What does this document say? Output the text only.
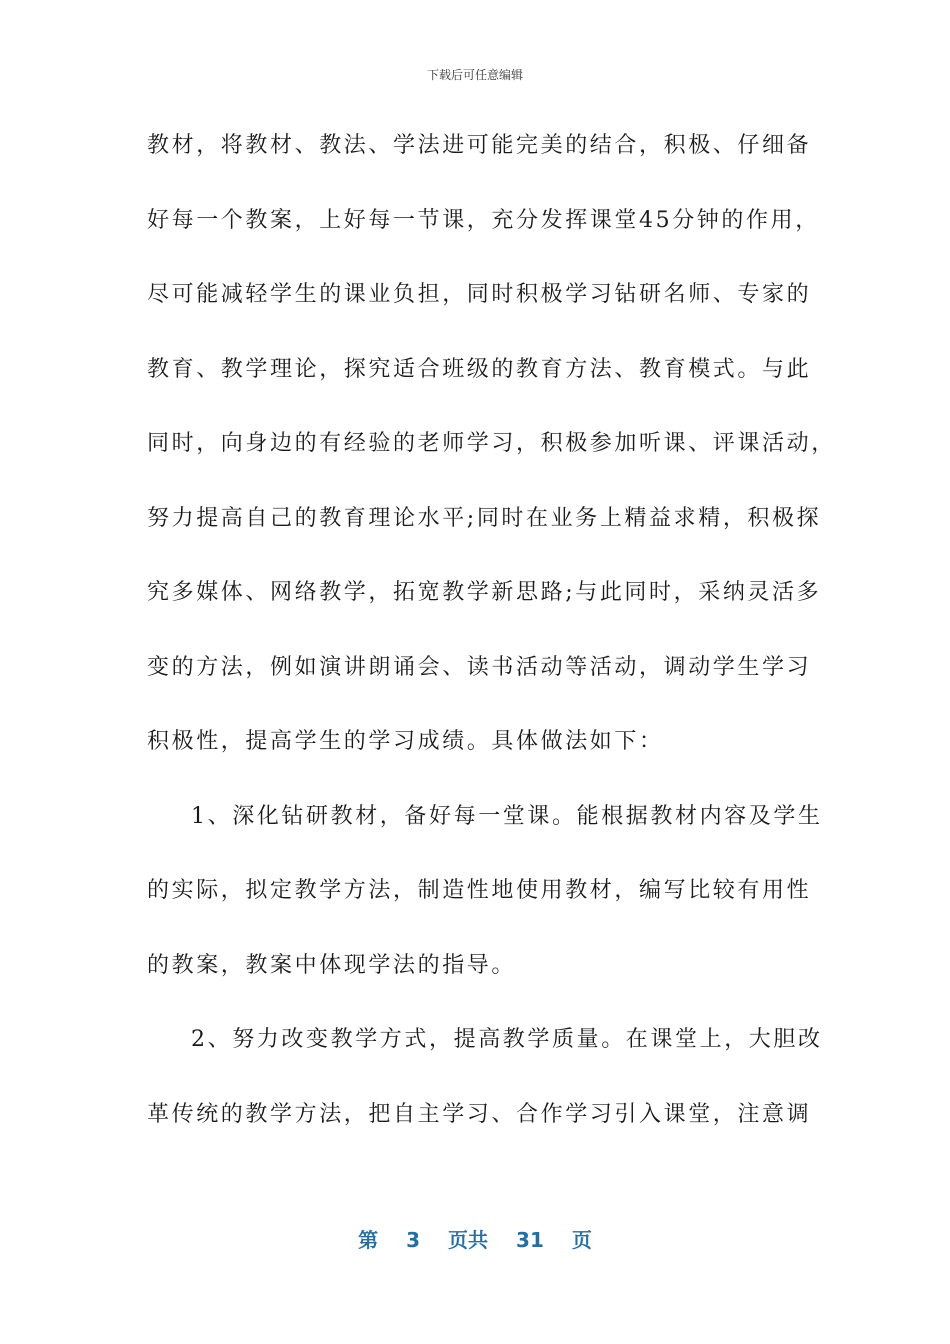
下载后可任意编辑
教材，将教材、教法、学法进可能完美的结合，积极、仔细备
好每一个教案，上好每一节课，充分发挥课堂45分钟的作用，
尽可能减轻学生的课业负担，同时积极学习钻研名师、专家的
教育、教学理论，探究适合班级的教育方法、教育模式。与此
同时，向身边的有经验的老师学习，积极参加听课、评课活动，
努力提高自己的教育理论水平;同时在业务上精益求精，积极探
究多媒体、网络教学，拓宽教学新思路;与此同时，采纳灵活多
变的方法，例如演讲朗诵会、读书活动等活动，调动学生学习
积极性，提高学生的学习成绩。具体做法如下：
1、深化钻研教材，备好每一堂课。能根据教材内容及学生
的实际，拟定教学方法，制造性地使用教材，编写比较有用性
的教案，教案中体现学法的指导。
2、努力改变教学方式，提高教学质量。在课堂上，大胆改
革传统的教学方法，把自主学习、合作学习引入课堂，注意调
第 3 页共 31 页
